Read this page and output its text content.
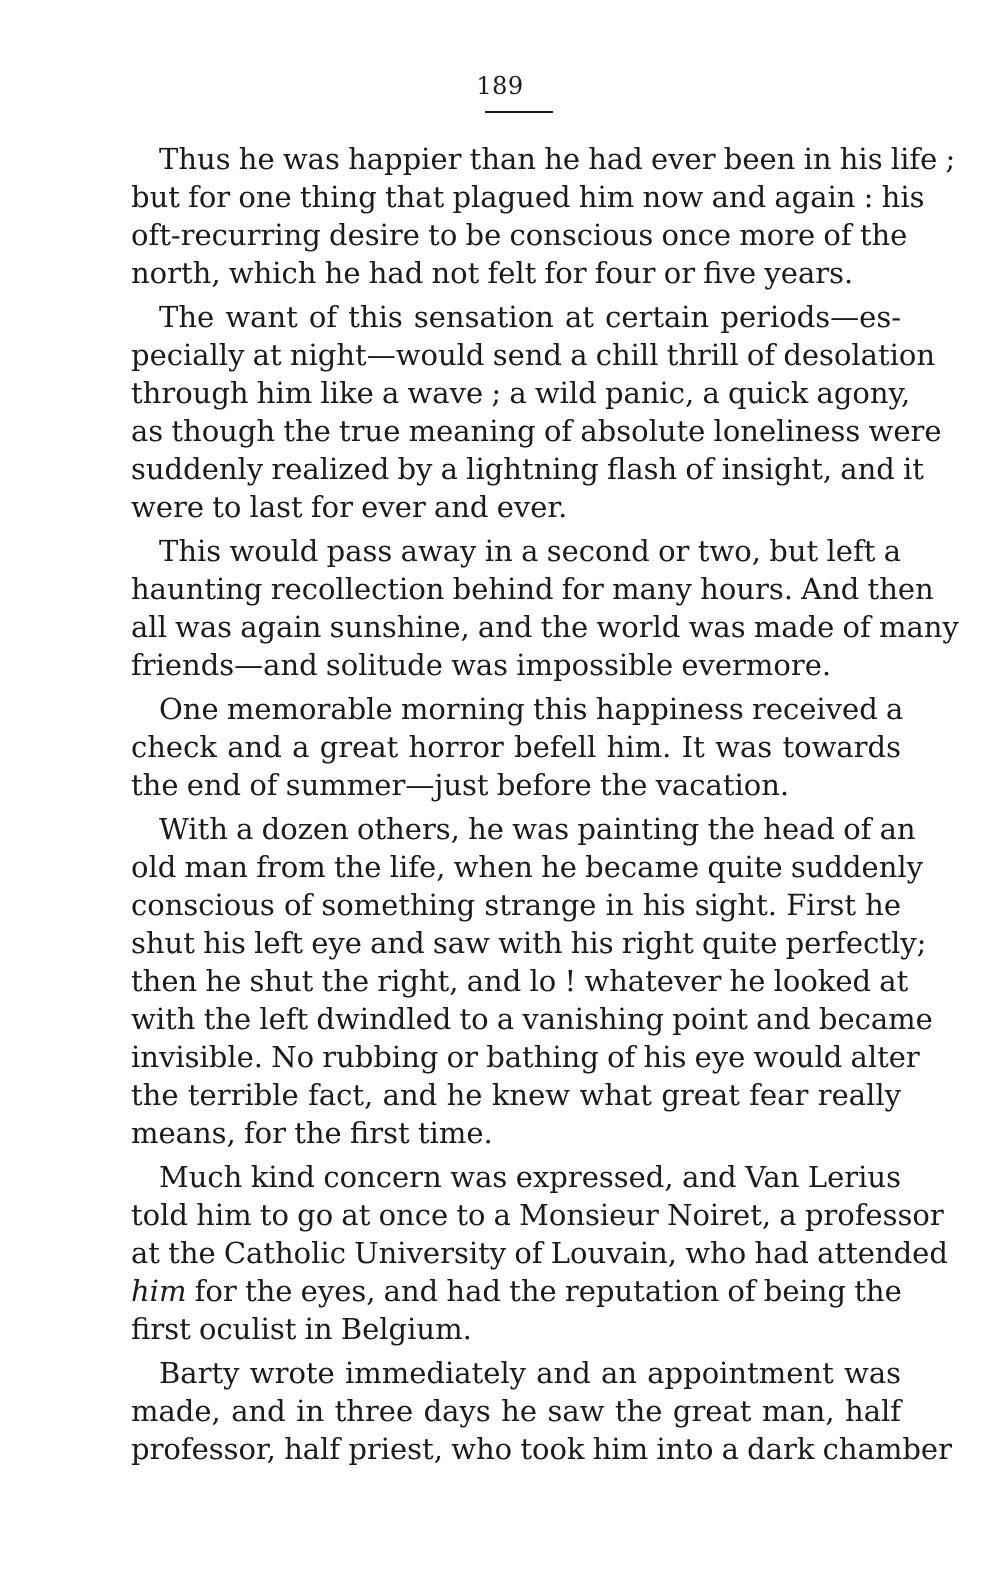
189

Thus he was happier than he had ever been in his life ;
but for one thing that plagued him now and again : his
oft-recurring desire to be conscious once more of the
north, which he had not felt for four or five years.

The want of this sensation at certain periods—es-
pecially at night—would send a chill thrill of desolation
through him like a wave ; a wild panic, a quick agony,
as though the true meaning of absolute loneliness were
suddenly realized by a lightning flash of insight, and it
were to last for ever and ever.

This would pass away in a second or two, but left a
haunting recollection behind for many hours. And then
all was again sunshine, and the world was made of many
friends—and solitude was impossible evermore.

One memorable morning this happiness received a
check and a great horror befell him. It was towards
the end of summer—just before the vacation.

With a dozen others, he was painting the head of an
old man from the life, when he became quite suddenly
conscious of something strange in his sight. First he
shut his left eye and saw with his right quite perfectly;
then he shut the right, and lo ! whatever he looked at
with the left dwindled to a vanishing point and became
invisible. No rubbing or bathing of his eye would alter
the terrible fact, and he knew what great fear really
means, for the first time.

Much kind concern was expressed, and Van Lerius
told him to go at once to a Monsieur Noiret, a professor
at the Catholic University of Louvain, who had attended
him for the eyes, and had the reputation of being the
first oculist in Belgium.

Barty wrote immediately and an appointment was
made, and in three days he saw the great man, half
professor, half priest, who took him into a dark chamber
